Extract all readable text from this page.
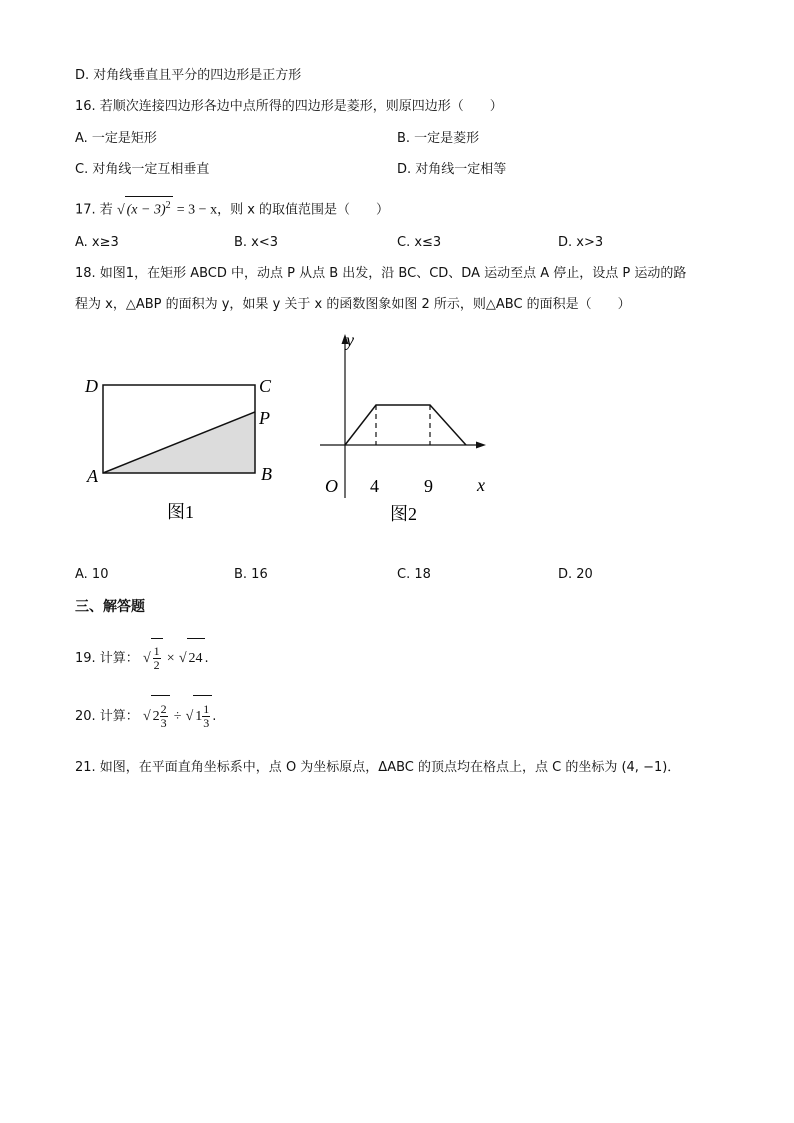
D. 对角线垂直且平分的四边形是正方形
16. 若顺次连接四边形各边中点所得的四边形是菱形，则原四边形（　　）
A. 一定是矩形	B. 一定是菱形
C. 对角线一定互相垂直	D. 对角线一定相等
17. 若 √ $(x - 3)^2 = 3 - x$，则 x 的取值范围是（　　）
A. x≥3	B. x<3	C. x≤3	D. x>3
18. 如图1，在矩形 ABCD 中，动点 P 从点 B 出发，沿 BC、CD、DA 运动至点 A 停止，设点 P 运动的路
程为 x，△ABP 的面积为 y，如果 y 关于 x 的函数图象如图 2 所示，则△ABC 的面积是（　　）
D	C
P
A	B
图1
y
x
O 4	9
图2
A. 10	B. 16	C. 18	D. 20
三、解答题
19. 计算： √ $\frac{1}{2}$ × √ 24 .
20. 计算： √ $2 \frac{2}{3}$ ÷ √ $1 \frac{1}{3}$ .
21. 如图，在平面直角坐标系中，点 O 为坐标原点，ΔABC 的顶点均在格点上，点 C 的坐标为 (4, −1)．
